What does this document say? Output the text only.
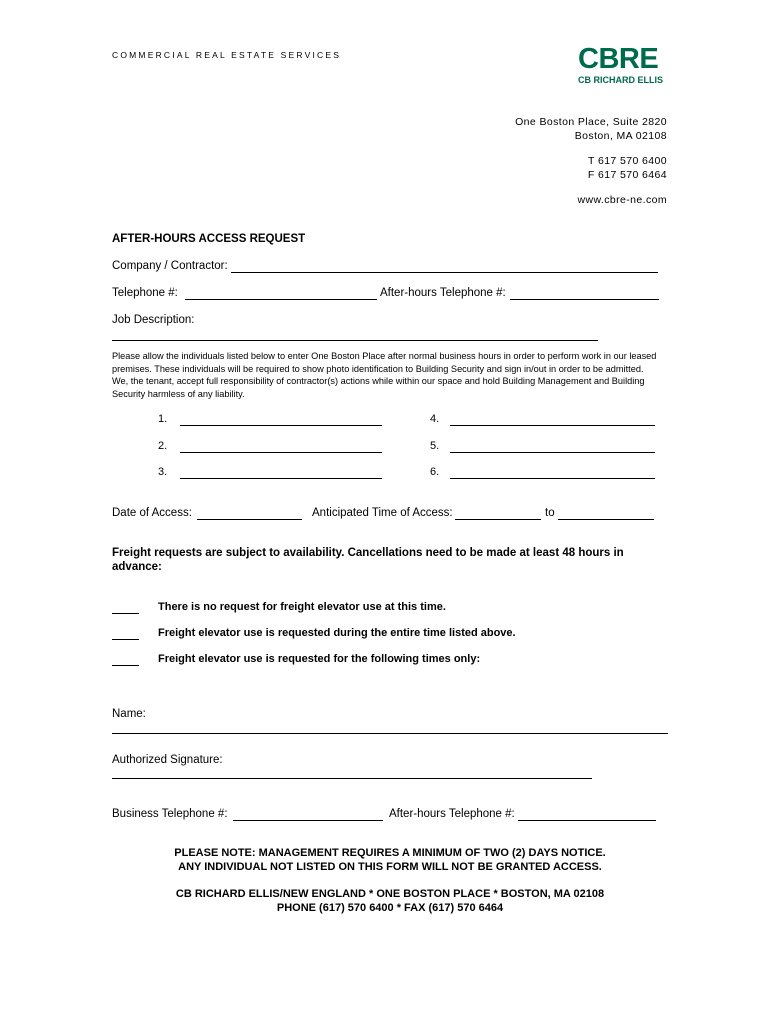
COMMERCIAL REAL ESTATE SERVICES	CBRE
CB RICHARD ELLIS
One Boston Place, Suite 2820
Boston, MA 02108
T 617 570 6400
F 617 570 6464
www.cbre-ne.com
AFTER-HOURS ACCESS REQUEST
Company / Contractor:
Telephone #:	After-hours Telephone #:
Job Description:
Please allow the individuals listed below to enter One Boston Place after normal business hours in order to perform work in our leased premises. These individuals will be required to show photo identification to Building Security and sign in/out in order to be admitted. We, the tenant, accept full responsibility of contractor(s) actions while within our space and hold Building Management and Building Security harmless of any liability.
1.	4.
2.	5.
3.	6.
Date of Access:	Anticipated Time of Access:	to
Freight requests are subject to availability. Cancellations need to be made at least 48 hours in advance:
There is no request for freight elevator use at this time.
Freight elevator use is requested during the entire time listed above.
Freight elevator use is requested for the following times only:
Name:
Authorized Signature:
Business Telephone #:	After-hours Telephone #:
PLEASE NOTE: MANAGEMENT REQUIRES A MINIMUM OF TWO (2) DAYS NOTICE.
ANY INDIVIDUAL NOT LISTED ON THIS FORM WILL NOT BE GRANTED ACCESS.
CB RICHARD ELLIS/NEW ENGLAND * ONE BOSTON PLACE * BOSTON, MA 02108
PHONE (617) 570 6400 * FAX (617) 570 6464
